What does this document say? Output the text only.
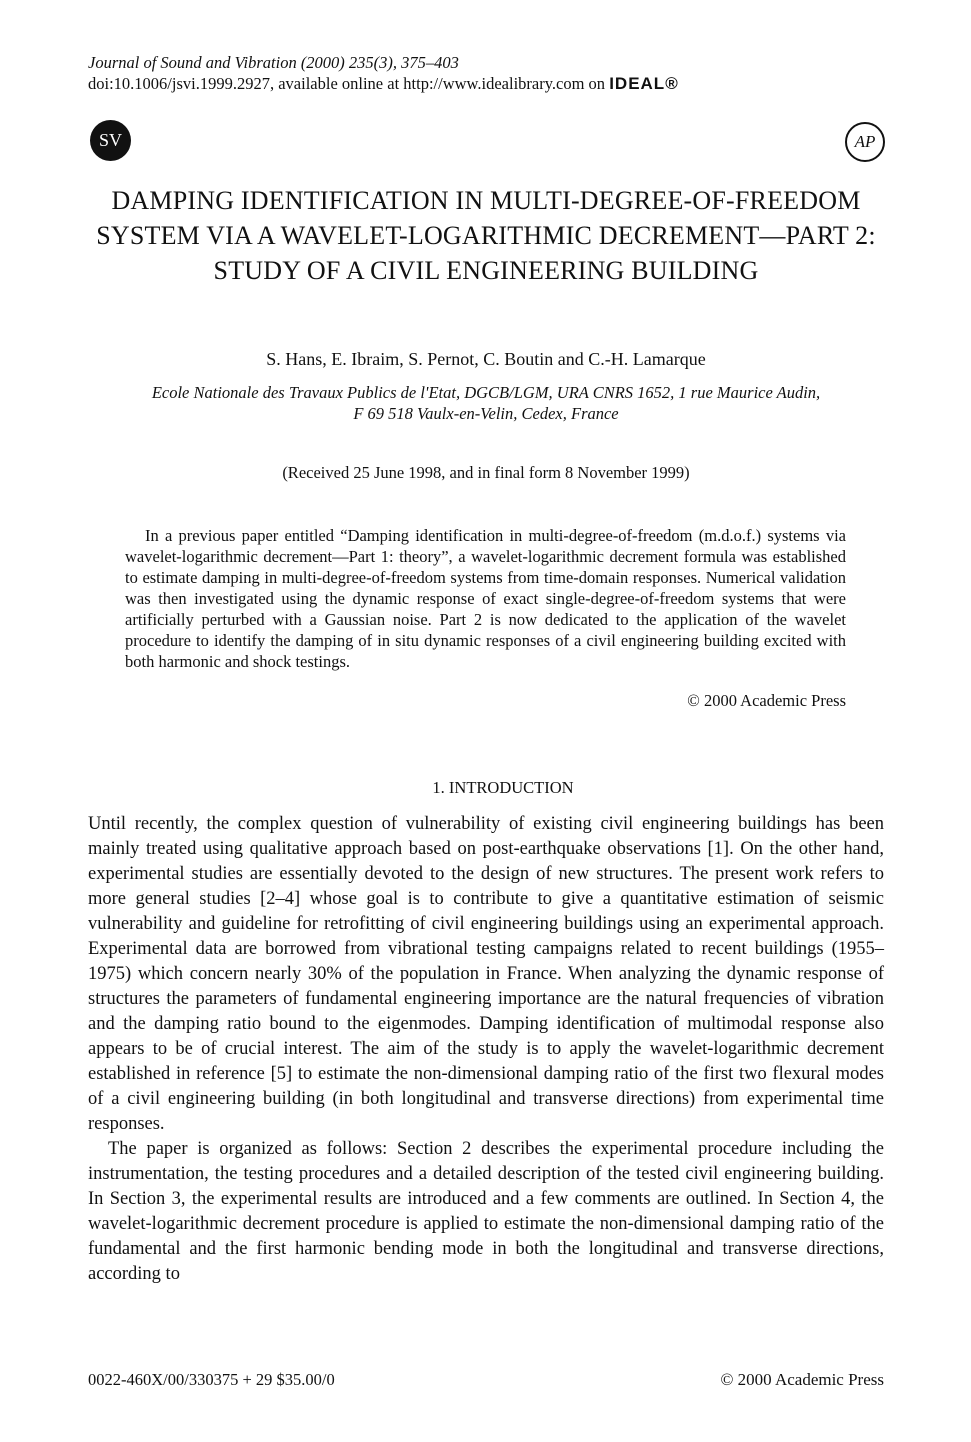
Journal of Sound and Vibration (2000) 235(3), 375–403
doi:10.1006/jsvi.1999.2927, available online at http://www.idealibrary.com on IDEAL®
SV	AP
DAMPING IDENTIFICATION IN MULTI-DEGREE-OF-FREEDOM SYSTEM VIA A WAVELET-LOGARITHMIC DECREMENT—PART 2: STUDY OF A CIVIL ENGINEERING BUILDING
S. Hans, E. Ibraim, S. Pernot, C. Boutin and C.-H. Lamarque
Ecole Nationale des Travaux Publics de l'Etat, DGCB/LGM, URA CNRS 1652, 1 rue Maurice Audin,
F 69 518 Vaulx-en-Velin, Cedex, France
(Received 25 June 1998, and in final form 8 November 1999)
In a previous paper entitled “Damping identification in multi-degree-of-freedom (m.d.o.f.) systems via wavelet-logarithmic decrement—Part 1: theory”, a wavelet-logarithmic decrement formula was established to estimate damping in multi-degree-of-freedom systems from time-domain responses. Numerical validation was then investigated using the dynamic response of exact single-degree-of-freedom systems that were artificially perturbed with a Gaussian noise. Part 2 is now dedicated to the application of the wavelet procedure to identify the damping of in situ dynamic responses of a civil engineering building excited with both harmonic and shock testings.
© 2000 Academic Press
1. INTRODUCTION

Until recently, the complex question of vulnerability of existing civil engineering buildings has been mainly treated using qualitative approach based on post-earthquake observations [1]. On the other hand, experimental studies are essentially devoted to the design of new structures. The present work refers to more general studies [2–4] whose goal is to contribute to give a quantitative estimation of seismic vulnerability and guideline for retrofitting of civil engineering buildings using an experimental approach. Experimental data are borrowed from vibrational testing campaigns related to recent buildings (1955–1975) which concern nearly 30% of the population in France. When analyzing the dynamic response of structures the parameters of fundamental engineering importance are the natural frequencies of vibration and the damping ratio bound to the eigenmodes. Damping identification of multimodal response also appears to be of crucial interest. The aim of the study is to apply the wavelet-logarithmic decrement established in reference [5] to estimate the non-dimensional damping ratio of the first two flexural modes of a civil engineering building (in both longitudinal and transverse directions) from experimental time responses.

The paper is organized as follows: Section 2 describes the experimental procedure including the instrumentation, the testing procedures and a detailed description of the tested civil engineering building. In Section 3, the experimental results are introduced and a few comments are outlined. In Section 4, the wavelet-logarithmic decrement procedure is applied to estimate the non-dimensional damping ratio of the fundamental and the first harmonic bending mode in both the longitudinal and transverse directions, according to

0022-460X/00/330375 + 29 $35.00/0	© 2000 Academic Press
